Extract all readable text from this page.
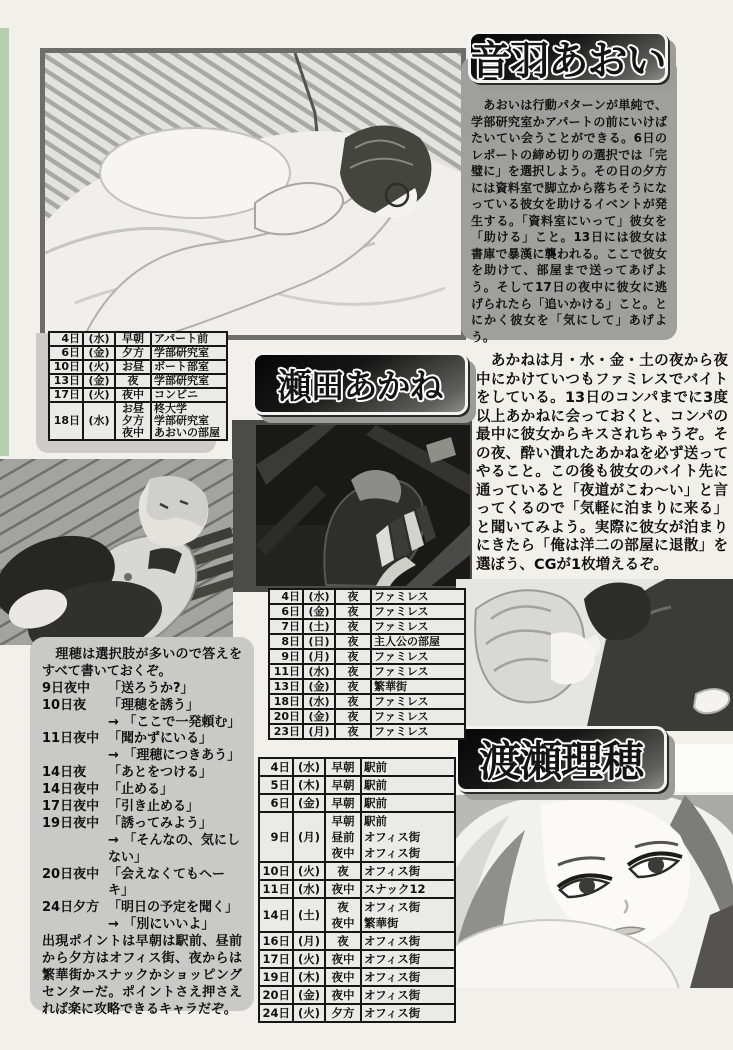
音羽あおい

　あおいは行動パターンが単純で、学部研究室かアパートの前にいけばたいてい会うことができる。6日のレポートの締め切りの選択では「完璧に」を選択しよう。その日の夕方には資料室で脚立から落ちそうになっている彼女を助けるイベントが発生する。「資料室にいって」彼女を「助ける」こと。13日には彼女は書庫で暴漢に襲われる。ここで彼女を助けて、部屋まで送ってあげよう。そして17日の夜中に彼女に逃げられたら「追いかける」こと。とにかく彼女を「気にして」あげよう。

4日	(水)	早朝	アパート前
6日	(金)	夕方	学部研究室
10日	(火)	お昼	ボート部室
13日	(金)	夜	学部研究室
17日	(火)	夜中	コンビニ
18日	(水)	お昼	柊大学
		夕方	学部研究室
		夜中	あおいの部屋
瀬田あかね

　あかねは月・水・金・土の夜から夜中にかけていつもファミレスでバイトをしている。13日のコンパまでに3度以上あかねに会っておくと、コンパの最中に彼女からキスされちゃうぞ。その夜、酔い潰れたあかねを必ず送ってやること。この後も彼女のバイト先に通っていると「夜道がこわ〜い」と言ってくるので「気軽に泊まりに来る」と聞いてみよう。実際に彼女が泊まりにきたら「俺は洋二の部屋に退散」を選ぼう、CGが1枚増えるぞ。

4日	(水)	夜	ファミレス
6日	(金)	夜	ファミレス
7日	(土)	夜	ファミレス
8日	(日)	夜	主人公の部屋
9日	(月)	夜	ファミレス
11日	(水)	夜	ファミレス
13日	(金)	夜	繁華街
18日	(水)	夜	ファミレス
20日	(金)	夜	ファミレス
23日	(月)	夜	ファミレス
渡瀬理穂

　理穂は選択肢が多いので答えをすべて書いておくぞ。

9日夜中	「送ろうか?」
10日夜	「理穂を誘う」
→ 「ここで一発頼む」
11日夜中 「聞かずにいる」
→ 「理穂につきあう」
14日夜	「あとをつける」
14日夜中 「止める」
17日夜中 「引き止める」
19日夜中 「誘ってみよう」
→ 「そんなの、気にしない」
20日夜中 「会えなくてもヘーキ」
24日夕方 「明日の予定を聞く」
→ 「別にいいよ」

出現ポイントは早朝は駅前、昼前から夕方はオフィス街、夜からは繁華街かスナックかショッピングセンターだ。ポイントさえ押さえれば楽に攻略できるキャラだぞ。

4日	(水)	早朝	駅前
5日	(木)	早朝	駅前
6日	(金)	早朝	駅前
9日	(月)	早朝	駅前
		昼前	オフィス街
		夜中	オフィス街
10日	(火)	夜	オフィス街
11日	(水)	夜中	スナック12
14日	(土)	夜	オフィス街
		夜中	繁華街
16日	(月)	夜	オフィス街
17日	(火)	夜中	オフィス街
19日	(木)	夜中	オフィス街
20日	(金)	夜中	オフィス街
24日	(火)	夕方	オフィス街
